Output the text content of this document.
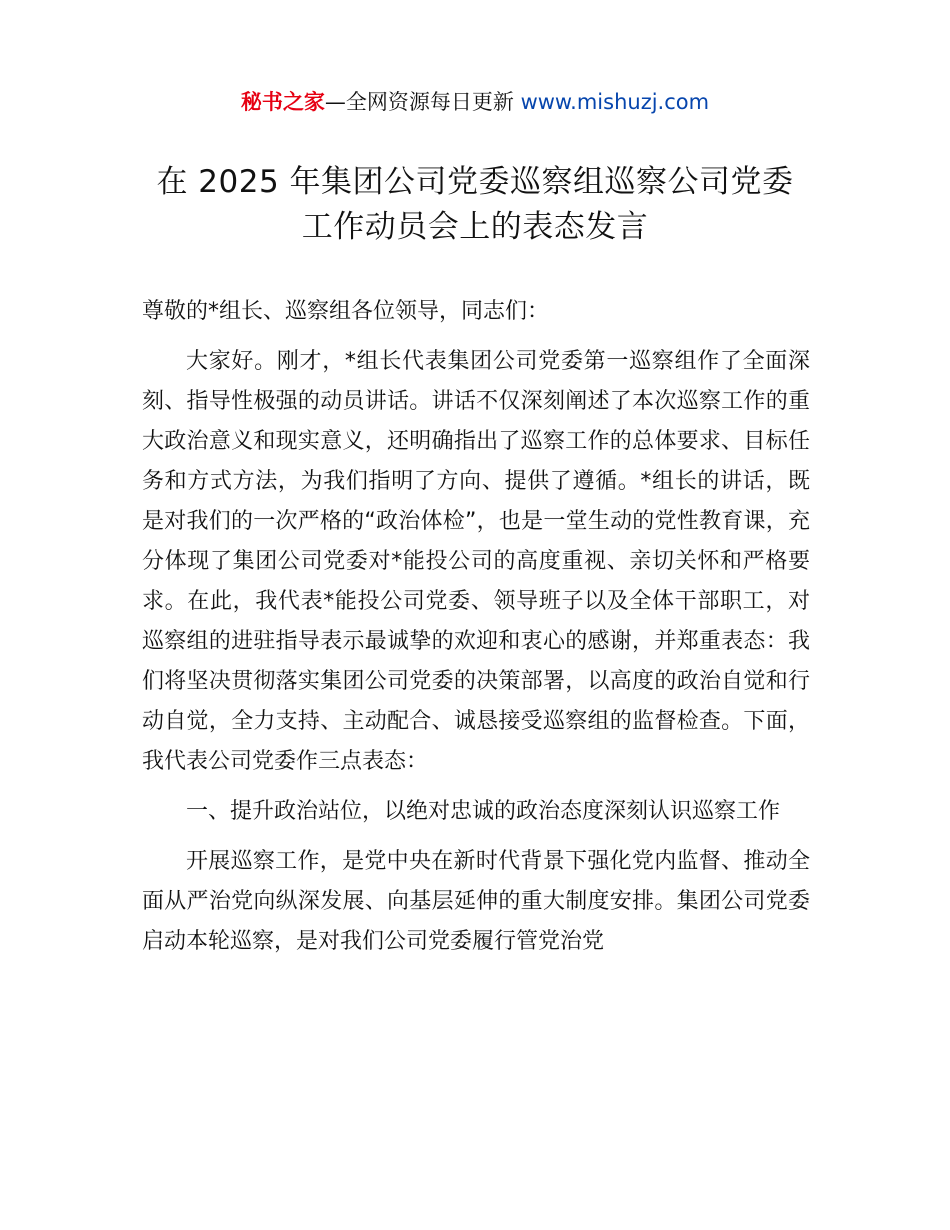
秘书之家—全网资源每日更新 www.mishuzj.com
在 2025 年集团公司党委巡察组巡察公司党委
工作动员会上的表态发言

尊敬的*组长、巡察组各位领导，同志们：

大家好。刚才，*组长代表集团公司党委第一巡察组作了全面深刻、指导性极强的动员讲话。讲话不仅深刻阐述了本次巡察工作的重大政治意义和现实意义，还明确指出了巡察工作的总体要求、目标任务和方式方法，为我们指明了方向、提供了遵循。*组长的讲话，既是对我们的一次严格的“政治体检”，也是一堂生动的党性教育课，充分体现了集团公司党委对*能投公司的高度重视、亲切关怀和严格要求。在此，我代表*能投公司党委、领导班子以及全体干部职工，对巡察组的进驻指导表示最诚挚的欢迎和衷心的感谢，并郑重表态：我们将坚决贯彻落实集团公司党委的决策部署，以高度的政治自觉和行动自觉，全力支持、主动配合、诚恳接受巡察组的监督检查。下面，我代表公司党委作三点表态：

一、提升政治站位，以绝对忠诚的政治态度深刻认识巡察工作

开展巡察工作，是党中央在新时代背景下强化党内监督、推动全面从严治党向纵深发展、向基层延伸的重大制度安排。集团公司党委启动本轮巡察，是对我们公司党委履行管党治党
